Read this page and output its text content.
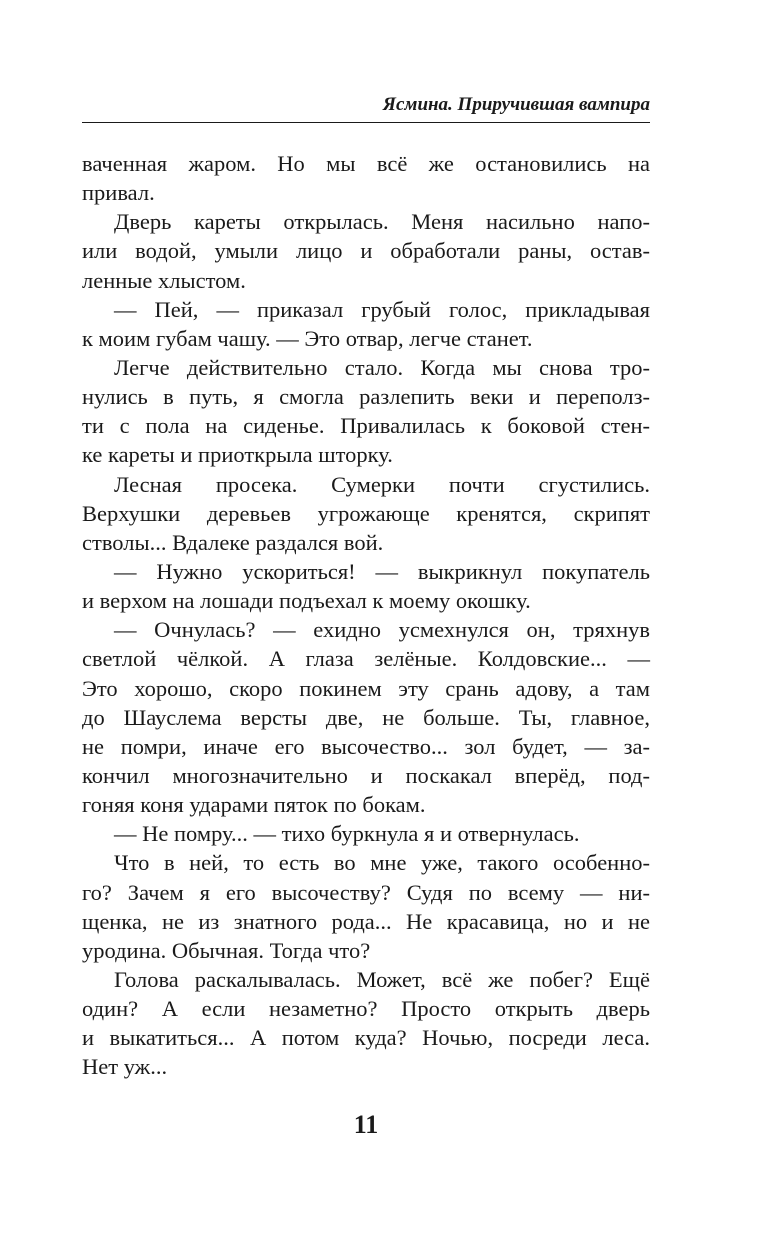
Ясмина. Приручившая вампира
ваченная жаром. Но мы всё же остановились на
привал.
Дверь кареты открылась. Меня насильно напо-
или водой, умыли лицо и обработали раны, остав-
ленные хлыстом.
— Пей, — приказал грубый голос, прикладывая
к моим губам чашу. — Это отвар, легче станет.
Легче действительно стало. Когда мы снова тро-
нулись в путь, я смогла разлепить веки и переполз-
ти с пола на сиденье. Привалилась к боковой стен-
ке кареты и приоткрыла шторку.
Лесная просека. Сумерки почти сгустились.
Верхушки деревьев угрожающе кренятся, скрипят
стволы... Вдалеке раздался вой.
— Нужно ускориться! — выкрикнул покупатель
и верхом на лошади подъехал к моему окошку.
— Очнулась? — ехидно усмехнулся он, тряхнув
светлой чёлкой. А глаза зелёные. Колдовские... —
Это хорошо, скоро покинем эту срань адову, а там
до Шауслема версты две, не больше. Ты, главное,
не помри, иначе его высочество... зол будет, — за-
кончил многозначительно и поскакал вперёд, под-
гоняя коня ударами пяток по бокам.
— Не помру... — тихо буркнула я и отвернулась.
Что в ней, то есть во мне уже, такого особенно-
го? Зачем я его высочеству? Судя по всему — ни-
щенка, не из знатного рода... Не красавица, но и не
уродина. Обычная. Тогда что?
Голова раскалывалась. Может, всё же побег? Ещё
один? А если незаметно? Просто открыть дверь
и выкатиться... А потом куда? Ночью, посреди леса.
Нет уж...
11
